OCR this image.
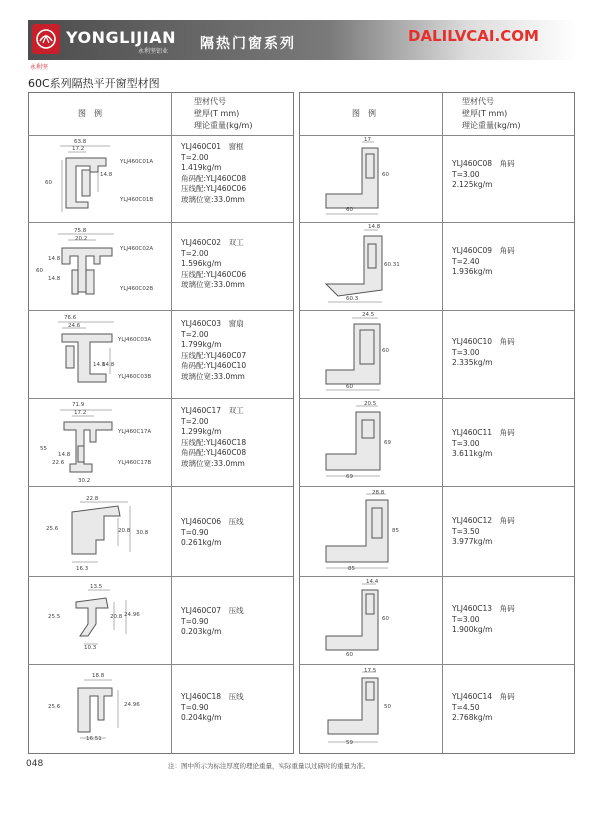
YONGLIJIAN
永利坚铝业 隔热门窗系列	DALILVCAI.COM
永利坚
60C系列隔热平开窗型材图
图　例
型材代号
壁厚(T mm)
理论重量(kg/m)
图　例
型材代号
壁厚(T mm)
理论重量(kg/m)
63.8
17.2
14.8
60
YLJ460C01A
YLJ460C01B
YLJ460C01　 窗框
T=2.00
1.419kg/m
角码配:YLJ460C08
压线配:YLJ460C06
玻璃位宽:33.0mm
75.8
20.2
14.8
60
14.8
YLJ460C02A
YLJ460C02B
YLJ460C02　 双工
T=2.00
1.596kg/m
压线配:YLJ460C06
玻璃位宽:33.0mm
76.6
24.6
14.8
14.8
YLJ460C03A
YLJ460C03B
YLJ460C03　 窗扇
T=2.00
1.799kg/m
压线配:YLJ460C07
角码配:YLJ460C10
玻璃位宽:33.0mm
71.9
17.2
55
14.8
22.6
30.2
YLJ460C17A
YLJ460C17B
YLJ460C17　 双工
T=2.00
1.299kg/m
压线配:YLJ460C18
角码配:YLJ460C08
玻璃位宽:33.0mm
22.8
25.6	20.8 30.8
16.3
YLJ460C06　 压线
T=0.90
0.261kg/m
13.5
25.5	20.8 24.96
10.3
YLJ460C07　 压线
T=0.90
0.203kg/m
18.8
25.6	24.96
16.51
YLJ460C18　 压线
T=0.90
0.204kg/m
17
60
60
YLJ460C08　 角码
T=3.00
2.125kg/m
14.8
60.31
60.3
YLJ460C09　 角码
T=2.40
1.936kg/m
24.5
60
60
YLJ460C10　 角码
T=3.00
2.335kg/m
20.5
69
69
YLJ460C11　 角码
T=3.00
3.611kg/m
28.8
85
85
YLJ460C12　 角码
T=3.50
3.977kg/m
14.4
60
60
YLJ460C13　 角码
T=3.00
1.900kg/m
17.5
50
59
YLJ460C14　 角码
T=4.50
2.768kg/m
048	注：图中所示为标注厚度的理论重量，实际重量以过磅时的重量为准。
